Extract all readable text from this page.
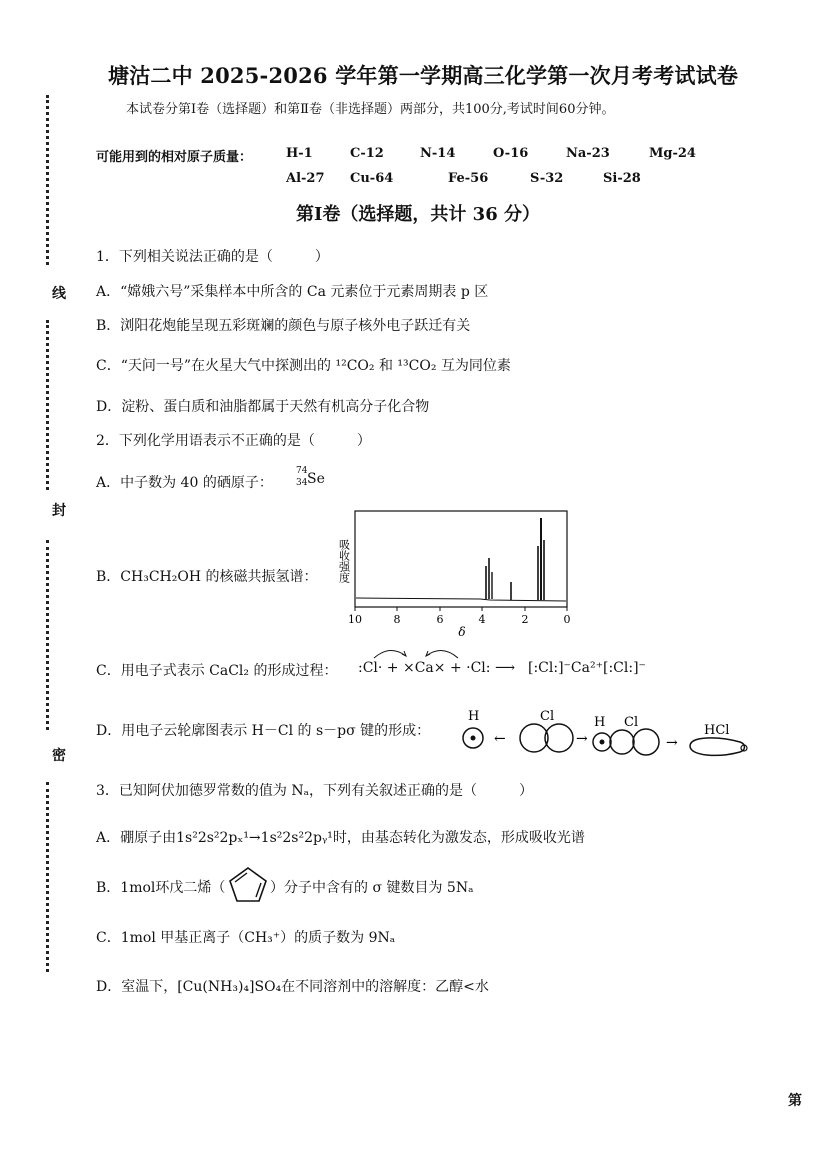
线
封
密
塘沽二中 2025-2026 学年第一学期高三化学第一次月考考试试卷
本试卷分第Ⅰ卷（选择题）和第Ⅱ卷（非选择题）两部分，共100分,考试时间60分钟。
可能用到的相对原子质量：	H-1	C-12	N-14	O-16	Na-23	Mg-24
Al-27 Cu-64	Fe-56	S-32	Si-28
第Ⅰ卷（选择题，共计 36 分）
1．下列相关说法正确的是（　　　）
A．“嫦娥六号”采集样本中所含的 Ca 元素位于元素周期表 p 区
B．浏阳花炮能呈现五彩斑斓的颜色与原子核外电子跃迁有关
C．“天问一号”在火星大气中探测出的 ¹²CO₂ 和 ¹³CO₂ 互为同位素
D．淀粉、蛋白质和油脂都属于天然有机高分子化合物
2．下列化学用语表示不正确的是（　　　）
A．中子数为 40 的硒原子：
74
34 Se
B．CH₃CH₂OH 的核磁共振氢谱： 吸收强度
10	8	6	4	2	0
δ
C．用电子式表示 CaCl₂ 的形成过程： :Cl· + ×Ca× + ·Cl: ⟶ [:Cl:]⁻Ca²⁺[:Cl:]⁻
D．用电子云轮廓图表示 H－Cl 的 s－pσ 键的形成：
H
←
Cl
→
H Cl
→
HCl
3．已知阿伏加德罗常数的值为 Nₐ，下列有关叙述正确的是（　　　）
A．硼原子由1s²2s²2pₓ¹→1s²2s²2pᵧ¹时，由基态转化为激发态，形成吸收光谱
B．1mol环戊二烯（	）分子中含有的 σ 键数目为 5Nₐ
C．1mol 甲基正离子（CH₃⁺）的质子数为 9Nₐ
D．室温下，[Cu(NH₃)₄]SO₄在不同溶剂中的溶解度：乙醇<水
第
